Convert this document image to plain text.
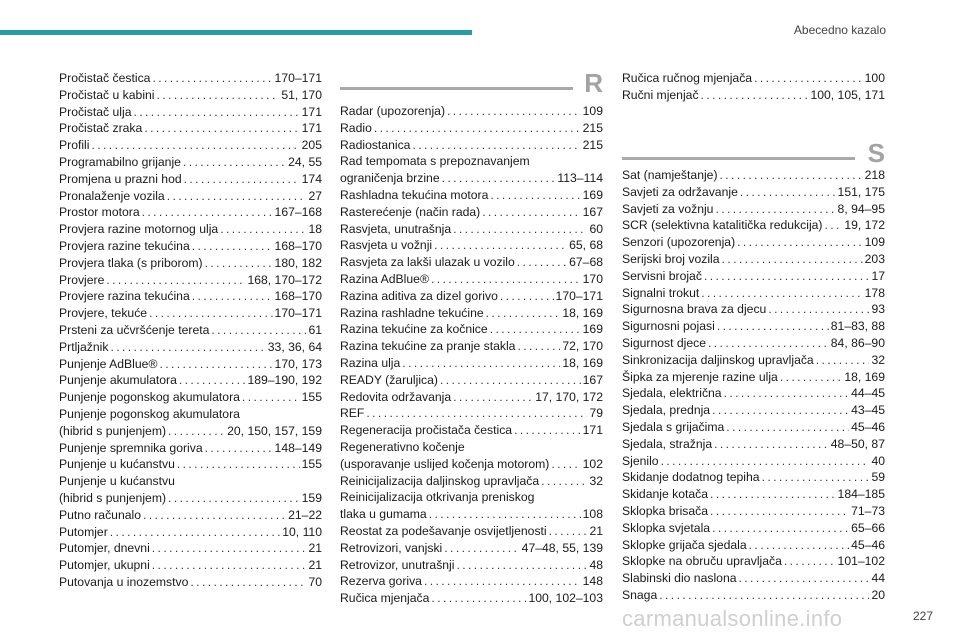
Abecedno kazalo
Pročistač čestica . . .	170–171
Pročistač u kabini . . .	51, 170
Pročistač ulja . . .	171
Pročistač zraka . . .	171
Profili . . .	205
Programabilno grijanje . . .	24, 55
Promjena u prazni hod . . .	174
Pronalaženje vozila . . .	27
Prostor motora . . .	167–168
Provjera razine motornog ulja . . .	18
Provjera razine tekućina . . .	168–170
Provjera tlaka (s priborom) . . .	180, 182
Provjere . . .	168, 170–172
Provjere razina tekućina . . .	168–170
Provjere, tekuće . . .	170–171
Prsteni za učvršćenje tereta . . .	61
Prtljažnik . . .	33, 36, 64
Punjenje AdBlue® . . .	170, 173
Punjenje akumulatora . . .	189–190, 192
Punjenje pogonskog akumulatora . . .	155
Punjenje pogonskog akumulatora
(hibrid s punjenjem) . . .	20, 150, 157, 159
Punjenje spremnika goriva . . .	148–149
Punjenje u kućanstvu . . .	155
Punjenje u kućanstvu
(hibrid s punjenjem) . . .	159
Putno računalo . . .	21–22
Putomjer . . .	10, 110
Putomjer, dnevni . . .	21
Putomjer, ukupni . . .	21
Putovanja u inozemstvo . . .	70
R
Radar (upozorenja) . . .	109
Radio . . .	215
Radiostanica . . .	215
Rad tempomata s prepoznavanjem
ograničenja brzine . . .	113–114
Rashladna tekućina motora . . .	169
Rasterećenje (način rada) . . .	167
Rasvjeta, unutrašnja . . .	60
Rasvjeta u vožnji . . .	65, 68
Rasvjeta za lakši ulazak u vozilo . . .	67–68
Razina AdBlue® . . .	170
Razina aditiva za dizel gorivo . . .	170–171
Razina rashladne tekućine . . .	18, 169
Razina tekućine za kočnice . . .	169
Razina tekućine za pranje stakla . . .	72, 170
Razina ulja . . .	18, 169
READY (žaruljica) . . .	167
Redovita održavanja . . .	17, 170, 172
REF . . .	79
Regeneracija pročistača čestica . . .	171
Regenerativno kočenje
(usporavanje uslijed kočenja motorom) . . .	102
Reinicijalizacija daljinskog upravljača . . .	32
Reinicijalizacija otkrivanja preniskog
tlaka u gumama . . .	108
Reostat za podešavanje osvijetljenosti . . .	21
Retrovizori, vanjski . . .	47–48, 55, 139
Retrovizor, unutrašnji . . .	48
Rezerva goriva . . .	148
Ručica mjenjača . . .	100, 102–103
Ručica ručnog mjenjača . . .	100
Ručni mjenjač . . .	100, 105, 171
S
Sat (namještanje) . . .	218
Savjeti za održavanje . . .	151, 175
Savjeti za vožnju . . .	8, 94–95
SCR (selektivna katalitička redukcija) . . . 19, 172
Senzori (upozorenja) . . .	109
Serijski broj vozila . . .	203
Servisni brojač . . .	17
Signalni trokut . . .	178
Sigurnosna brava za djecu . . .	93
Sigurnosni pojasi . . .	81–83, 88
Sigurnost djece . . .	84, 86–90
Sinkronizacija daljinskog upravljača . . .	32
Šipka za mjerenje razine ulja . . .	18, 169
Sjedala, električna . . .	44–45
Sjedala, prednja . . .	43–45
Sjedala s grijačima . . .	45–46
Sjedala, stražnja . . .	48–50, 87
Sjenilo . . .	40
Skidanje dodatnog tepiha . . .	59
Skidanje kotača . . .	184–185
Sklopka brisača . . .	71–73
Sklopka svjetala . . .	65–66
Sklopke grijača sjedala . . .	45–46
Sklopke na obruču upravljača . . .	101–102
Slabinski dio naslona . . .	44
Snaga . . .	20
carmanualsonline.info	227
